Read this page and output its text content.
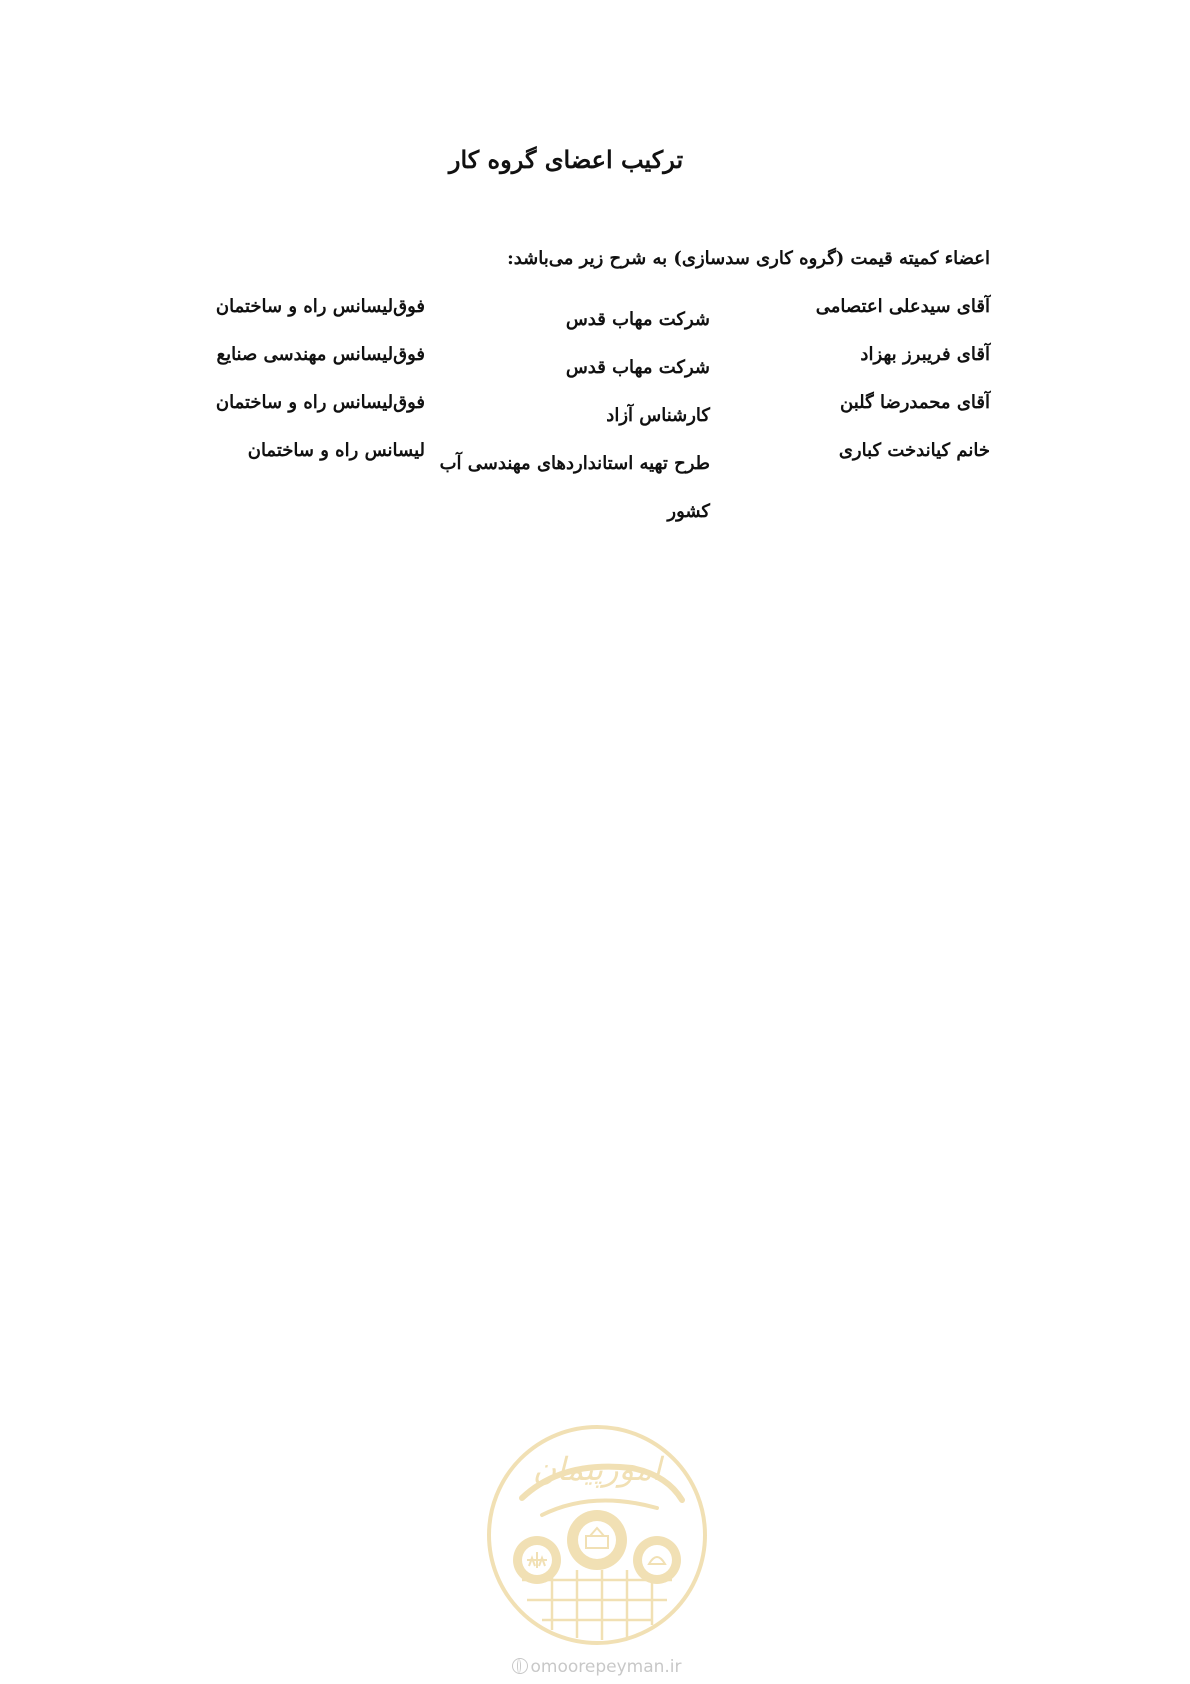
ترکیب اعضای گروه کار

اعضاء کمیته قیمت (گروه کاری سدسازی) به شرح زیر می‌باشد:

آقای سیدعلی اعتصامی	شرکت مهاب قدس	فوق‌لیسانس راه و ساختمان
آقای فریبرز بهزاد	شرکت مهاب قدس	فوق‌لیسانس مهندسی صنایع
آقای محمدرضا گلبن	کارشناس آزاد	فوق‌لیسانس راه و ساختمان
خانم کیاندخت کباری	طرح تهیه استانداردهای مهندسی آب کشور	لیسانس راه و ساختمان
امورپیمان
omoorepeyman.ir
